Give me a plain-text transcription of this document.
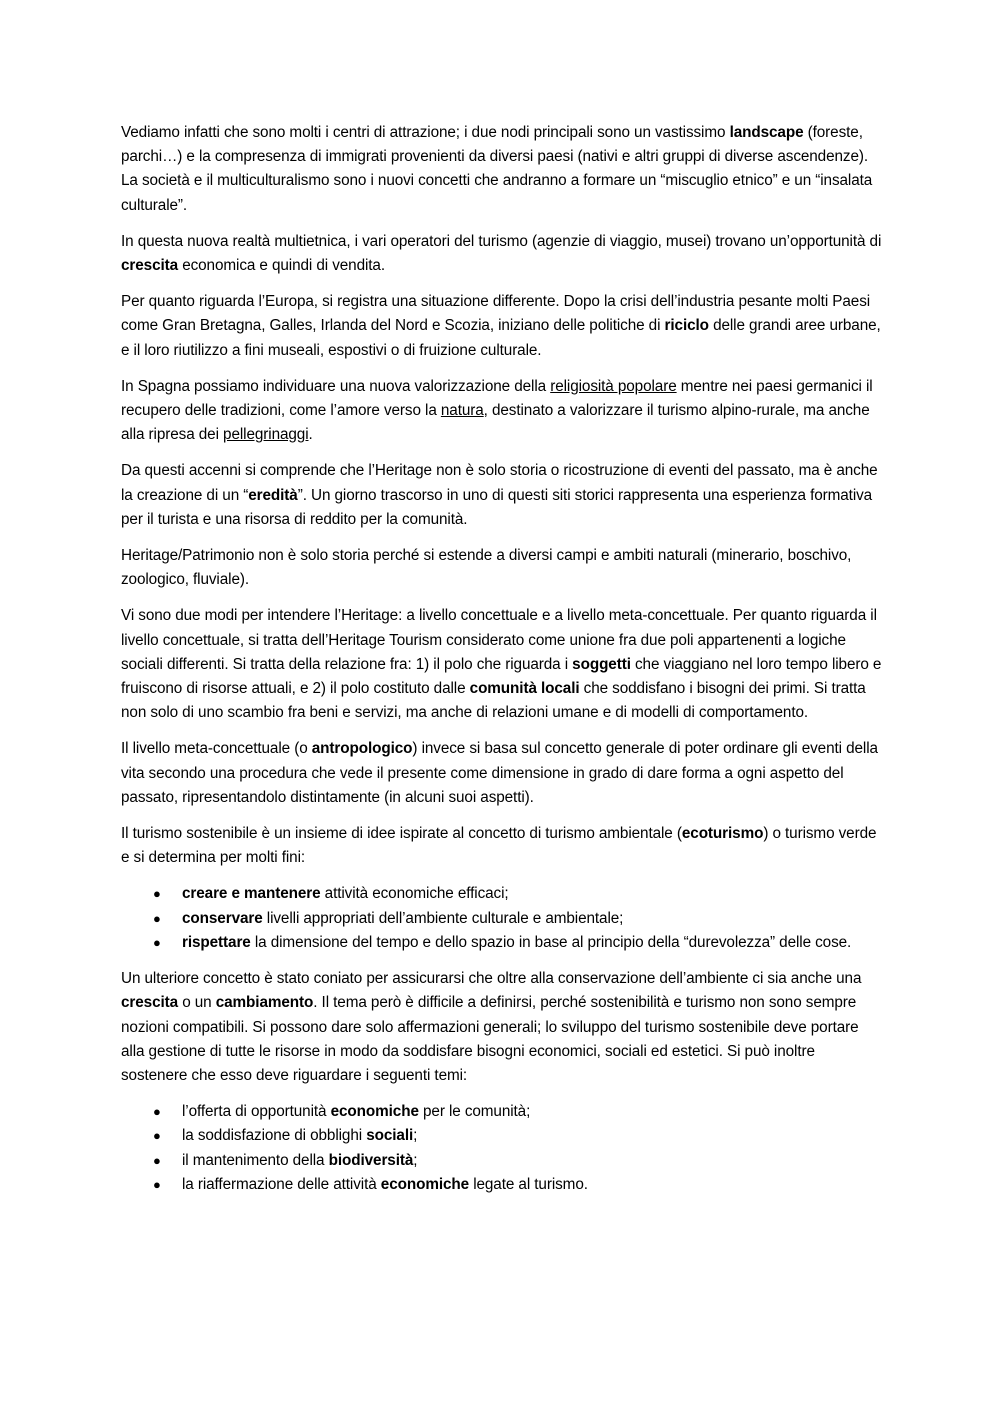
Vediamo infatti che sono molti i centri di attrazione; i due nodi principali sono un vastissimo landscape (foreste, parchi…) e la compresenza di immigrati provenienti da diversi paesi (nativi e altri gruppi di diverse ascendenze). La società e il multiculturalismo sono i nuovi concetti che andranno a formare un “miscuglio etnico” e un “insalata culturale”.

In questa nuova realtà multietnica, i vari operatori del turismo (agenzie di viaggio, musei) trovano un’opportunità di crescita economica e quindi di vendita.

Per quanto riguarda l’Europa, si registra una situazione differente. Dopo la crisi dell’industria pesante molti Paesi come Gran Bretagna, Galles, Irlanda del Nord e Scozia, iniziano delle politiche di riciclo delle grandi aree urbane, e il loro riutilizzo a fini museali, espostivi o di fruizione culturale.

In Spagna possiamo individuare una nuova valorizzazione della religiosità popolare mentre nei paesi germanici il recupero delle tradizioni, come l’amore verso la natura, destinato a valorizzare il turismo alpino-rurale, ma anche alla ripresa dei pellegrinaggi.

Da questi accenni si comprende che l’Heritage non è solo storia o ricostruzione di eventi del passato, ma è anche la creazione di un “eredità”. Un giorno trascorso in uno di questi siti storici rappresenta una esperienza formativa per il turista e una risorsa di reddito per la comunità.

Heritage/Patrimonio non è solo storia perché si estende a diversi campi e ambiti naturali (minerario, boschivo, zoologico, fluviale).

Vi sono due modi per intendere l’Heritage: a livello concettuale e a livello meta-concettuale. Per quanto riguarda il livello concettuale, si tratta dell’Heritage Tourism considerato come unione fra due poli appartenenti a logiche sociali differenti. Si tratta della relazione fra: 1) il polo che riguarda i soggetti che viaggiano nel loro tempo libero e fruiscono di risorse attuali, e 2) il polo costituto dalle comunità locali che soddisfano i bisogni dei primi. Si tratta non solo di uno scambio fra beni e servizi, ma anche di relazioni umane e di modelli di comportamento.

Il livello meta-concettuale (o antropologico) invece si basa sul concetto generale di poter ordinare gli eventi della vita secondo una procedura che vede il presente come dimensione in grado di dare forma a ogni aspetto del passato, ripresentandolo distintamente (in alcuni suoi aspetti).

Il turismo sostenibile è un insieme di idee ispirate al concetto di turismo ambientale (ecoturismo) o turismo verde e si determina per molti fini:

● creare e mantenere attività economiche efficaci;
● conservare livelli appropriati dell’ambiente culturale e ambientale;
● rispettare la dimensione del tempo e dello spazio in base al principio della “durevolezza” delle cose.

Un ulteriore concetto è stato coniato per assicurarsi che oltre alla conservazione dell’ambiente ci sia anche una crescita o un cambiamento. Il tema però è difficile a definirsi, perché sostenibilità e turismo non sono sempre nozioni compatibili. Si possono dare solo affermazioni generali; lo sviluppo del turismo sostenibile deve portare alla gestione di tutte le risorse in modo da soddisfare bisogni economici, sociali ed estetici. Si può inoltre sostenere che esso deve riguardare i seguenti temi:

● l’offerta di opportunità economiche per le comunità;
● la soddisfazione di obblighi sociali;
● il mantenimento della biodiversità;
● la riaffermazione delle attività economiche legate al turismo.
